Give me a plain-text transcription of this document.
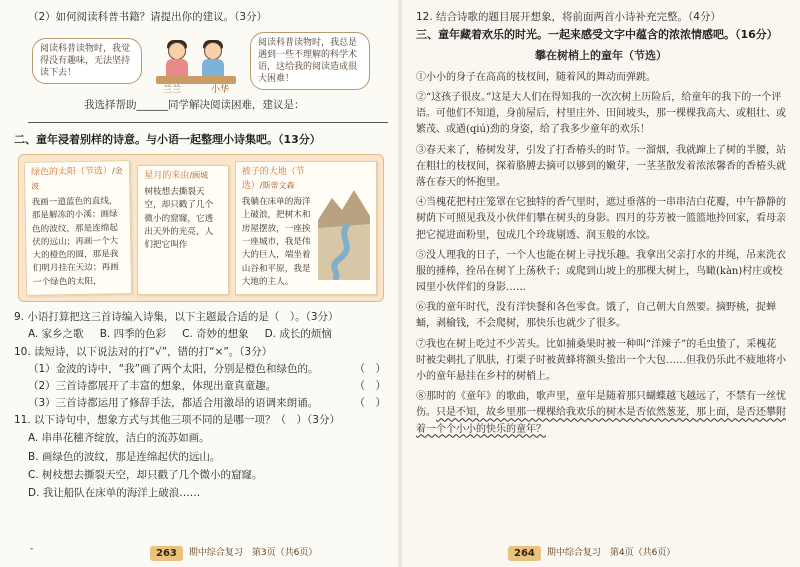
（2）如何阅读科普书籍？请提出你的建议。（3分）
阅读科普读物时，我觉得没有趣味，无法坚持读下去！
兰兰	小华
阅读科普读物时，我总是遇到一些不理解的科学术语，这给我的阅读造成很大困难！
我选择帮助______同学解决阅读困难，建议是：
二、童年浸着别样的诗意。与小语一起整理小诗集吧。（13分）
绿色的太阳（节选）/金波
我画一道蓝色的直线，那是解冻的小溪；画绿色的波纹，那是连绵起伏的远山；再画一个大大的橙色的圆，那是我们明月挂在天边；再画一个绿色的太阳，
星月的来由/顾城
树枝想去撕裂天空，却只戳了几个微小的窟窿，它透出天外的光亮，人们把它叫作
被子的大地（节选）/斯蒂文森
我躺在床单的海洋上破浪，把树木和房屋摆放，一座挨一座城市，我是伟大的巨人，端坐着山谷和平原，我是大地的主人。
9. 小语打算把这三首诗编入诗集，以下主题最合适的是（　）。（3分）
A. 家乡之歌 B. 四季的色彩 C. 奇妙的想象 D. 成长的烦恼
10. 读短诗，以下说法对的打“√”，错的打“×”。（3分）
（1）金波的诗中，“我”画了两个太阳，分别是橙色和绿色的。	（　）
（2）三首诗都展开了丰富的想象，体现出童真童趣。	（　）
（3）三首诗都运用了修辞手法，都适合用激昂的语调来朗诵。	（　）
11. 以下诗句中，想象方式与其他三项不同的是哪一项？（　）（3分）
A. 串串花穗齐绽放，洁白的流苏如画。
B. 画绿色的波纹，那是连绵起伏的远山。
C. 树枝想去撕裂天空，却只戳了几个微小的窟窿。
D. 我让船队在床单的海洋上破浪……
-	263	期中综合复习　第3页（共6页）
12. 结合诗歌的题目展开想象，将前面两首小诗补充完整。（4分）
三、童年藏着欢乐的时光。一起来感受文字中蕴含的浓浓情感吧。（16分）
攀在树梢上的童年（节选）

①小小的身子在高高的枝杈间，随着风的舞动而弹跳。

②“这孩子很皮。”这是大人们在得知我的一次次树上历险后，给童年的我下的一个评语。可他们不知道，身前屋后，村里庄外、田间坡头，那一棵棵我高大、或粗壮、或繁茂、或遒(qiú)劲的身姿，给了我多少童年的欢乐！

③春天来了，椿树发芽，引发了打香椿头的时节。一溜烟，我就蹿上了树的半腰，站在粗壮的枝杈间，探着胳膊去摘可以够到的嫩芽，一茎茎散发着浓浓馨香的香椿头就落在春天的怀抱里。

④当槐花把村庄笼罩在它独特的香气里时，遮过垂落的一串串洁白花瓣，中午静静的树荫下可照见我及小伙伴们攀在树头的身影。四月的芬芳被一篮篮地拎回家，看母亲把它搅进面粉里，包成几个玲珑剔透、润玉般的水饺。

⑤没人理我的日子，一个人也能在树上寻找乐趣。我拿出父亲打水的井绳，吊来洗衣服的捶棒，拴吊在树丫上荡秋千；或爬到山坡上的那棵大树上，鸟瞰(kàn)村庄或校园里小伙伴们的身影……

⑥我的童年时代，没有洋快餐和各色零食。饿了，自己朝大自然要。摘野桃，捉蝉蛹，剥榆钱，不会爬树，那快乐也就少了很多。

⑦我也在树上吃过不少苦头。比如捕桑果时被一种叫“洋辣子”的毛虫蛰了，采槐花时被尖刺扎了肌肤，打栗子时被黄蜂将额头蛰出一个大包……但我仍乐此不疲地将小小的童年悬挂在乡村的树梢上。

⑧那时的《童年》的歌曲，歌声里，童年是随着那只蝴蝶越飞越远了，不禁有一丝忧伤。只是不知，故乡里那一棵棵给我欢乐的树木是否依然葱茏，那上面，是否还攀附着一个个小小的快乐的童年？

264	期中综合复习　第4页（共6页）
